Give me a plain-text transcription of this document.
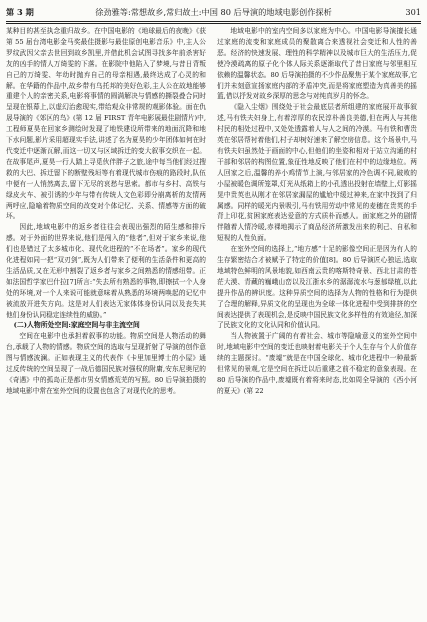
第 3 期	徐劲雅等:常想故乡,常归故土:中国 80 后导演的地域电影创作探析	301

某种目的甚至执念重归故乡。在中国电影的《地球最后的夜晚》《获第 55 届台湾电影金马奖最佳摄影与最佳原创电影音乐》中,主人公罗纹武因父亲去世回到故乡凯里,并借此机会试图寻找多年前杀害好友的凶手的情人万绮雯的下落。在影院中他陷入了梦境,与昔日背叛自己的万绮雯、年幼时抛弃自己的母亲相遇,最终达成了心灵的和解。在华籍的作品中,故乡带有乌托邦的美好色彩,主人公在故地能够重建个人的亲密关系,电影将事情的圆满解决与情感的撕裂叠合同时呈现在银幕上,以虚幻治愈现实,带给观众非常规的观影体验。面在仇晟导演的《郊区的鸟》(第 12 届 FIRST 青年电影展最佳剧情片)中,工程师夏昊在回家乡测绘时发现了地铁建设所带来的地面沉降和地下水问题,影片采用超现实手法,讲述了名为夏昊的少年团体如何在时代变迁中逐渐瓦解,而这一切又与区域拆迁的变大叙事交织在一起。在故事尾声,夏昊一行人踏上寻觅伙伴胖子之旅,途中每当他们经过搜救的大巴、拆迁留下的断壁残垣等有着现代城市伤痕的路段时,队伍中便有一人悄然离去,留下无尽的哀愁与思索。都市与乡村、高铁与绿皮火车、被引诱的少年与带有传统人文色彩即分崩离析的友情两两呼应,隐喻着物质空间的改变对个体记忆、关系、情感等方面的破坏。

因此,地域电影中的返乡者往往会表现出强烈的陌生感和排斥感。对于外面的世界来说,他们是闯入的“他者”,但对于家乡来说,他们也是错过了太多城市化、现代化进程的“不在场者”。家乡的现代化进程如同一把“双刃剑”,既为人们带来了便利的生活条件和更高的生活品质,又在无形中割裂了返乡者与家乡之间熟悉的情感纽带。正如法国哲学家巴什拉[7]所言:“失去所有熟悉的事物,即擦拭一个人身处的环境,对一个人来说可能就意味着从熟悉的环境两唤起的记忆中被流放开进失方向。这是对人们表达无家体体身份认同以及丧失其他们身份认同稳定连续性的威胁。”

(二)人物所处空间:家庭空间与非主流空间

空间在电影中也承担着叙事的功能。物质空间是人物活动的舞台,承载了人物的情感。物质空间的选取与呈现折射了导演的创作意图与情感波澜。正如表现主义的代表作《卡里加里博士的小屋》通过反传统的空间呈现了一战后德国民族对强权的附庸,安东尼奥尼的《奇遇》中的孤岛正是都市男女情感荒芜的写照。80 后导演拍摄的地域电影中常在室外空间的设置也包含了对现代化的思考。

地域电影中的室内空间多以家庭为中心。中国电影导演擅长通过家庭的流变和家庭成员的聚散离合来透视社会变迁和人性的善恶。经济的快速发展、理性的科学精神以及城市巨大的生活压力,促使冷漠疏离的原子化个体人际关系逐渐取代了昔日家庭与邻里相互依赖的温馨状态。80 后导演拍摄的不少作品聚焦于某个家庭故事,它们并未刻意宣扬家庭内部的矛盾冲突,而是将家庭塑造为真善美的摇篮,借以抒发对故乡深厚的思念与对纯真岁月的怀念。

《隐入尘烟》围绕处于社会最底层者所组建的家庭展开故事叙述,马有铁夫妇身上,有着淳厚的农民淳朴善良美德,但在两人与其他村民的相处过程中,又处处透露着人与人之间的冷漠。马有铁和曹贵英在邻居帮衬着他们,村子却树好速来了解空房信息。这个场景中,马有铁夫妇虽然处于画面的中心,但他们的坐姿和相对于站立沟通的村干部和邻居的构图位置,象征性地反映了他们在村中的边缘地位。两人回家之后,温馨的养小鸡情节上演,与邻居家的冷色调不同,破败的小屋被暖色调所笼罩,灯光从纸箱上的小孔透出投射在墙壁上,灯影摇晃中贵英也从刚才在邻居家漏屋的尴尬中缓过神来,在家中找到了归属感。同样的暖光内景吸引,马有铁用劳动中常见的麦穗在贵英的手背上印花,贫困家庭表达爱意的方式质朴而感人。面家庭之外的剧情伴随着人情冷暖,赤裸地揭示了商品经济所激发出来的利己、自私和短视的人性负面。

在室外空间的选择上,“地方感”十足的影像空间正是因为有人的生存繁密结合才被赋予了特定的价值[8]。80 后导演匠心独运,选取地域特色鲜明的风景地貌,如西南云贵的喀斯特奇景、西北甘肃的苍茫大漠、青藏的巍峨山峦以及江浙水乡的潺潺流水与葱郁绿植,以此提升作品的辨识度。这种异质空间的选择为人物的性格和行为提供了合理的解释,异质文化的呈现也为全球一体化进程中受到排挤的空间表达提供了表现机会,是反映中国民族文化多样性的有效途径,加深了民族文化的文化认同和价值认同。

当人物被置于广阔的有着社会、城市等隐喻意义的室外空间中时,地域电影中空间的变迁也映射着电影关于个人生存与个人价值存续的主题探讨。“废墟”就是在中国全球化、城市化进程中一种最新但常见的景观,它是空间在拆迁以后重建之前不稳定的意象表现。在 80 后导演的作品中,废墟既有着将来时态,比如周全导演的《西小河的夏天》(第 22
